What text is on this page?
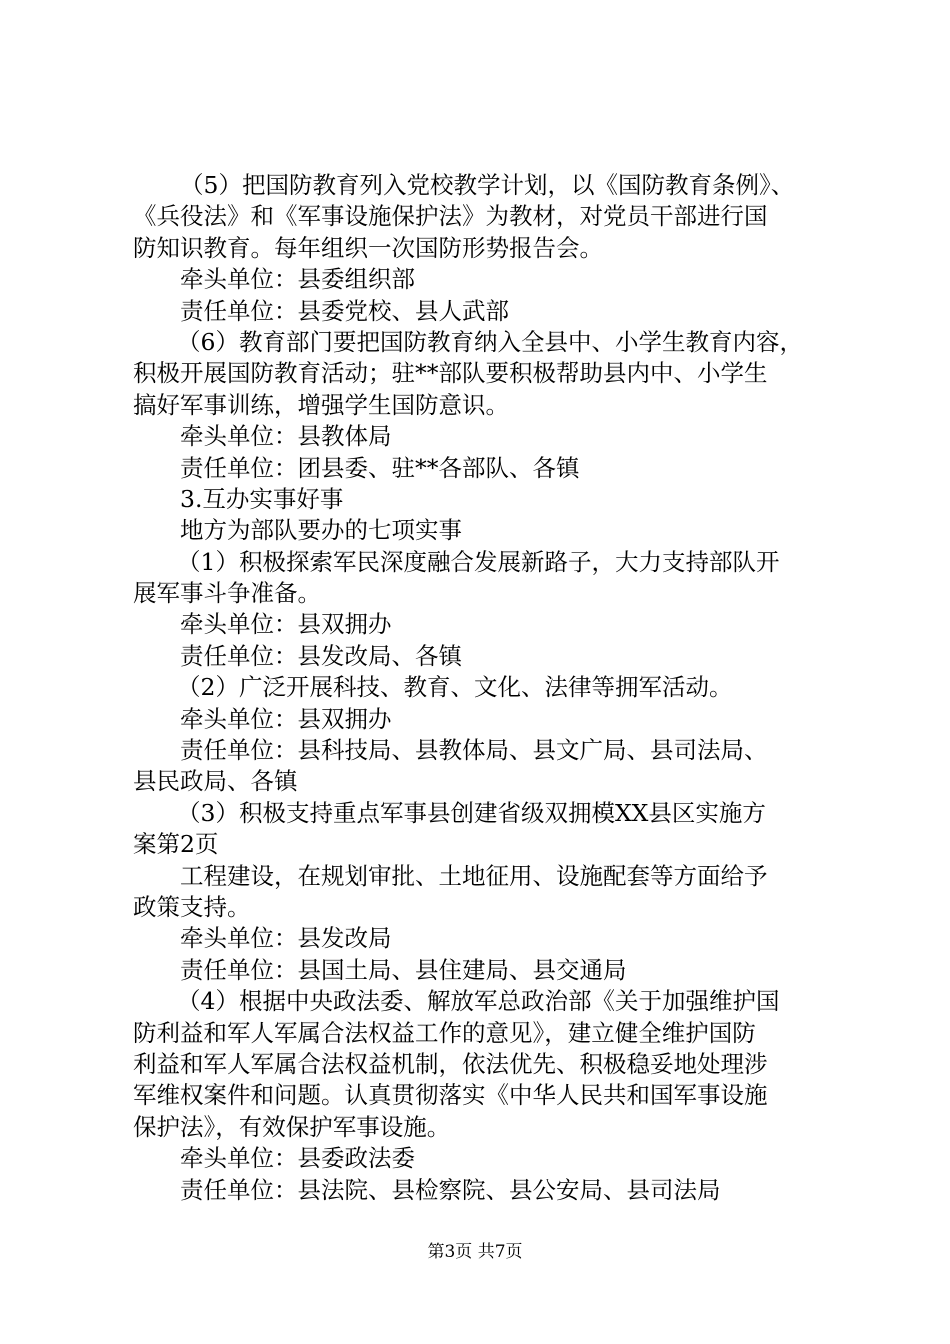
（5）把国防教育列入党校教学计划，以《国防教育条例》、
《兵役法》和《军事设施保护法》为教材，对党员干部进行国
防知识教育。每年组织一次国防形势报告会。
牵头单位：县委组织部
责任单位：县委党校、县人武部
（6）教育部门要把国防教育纳入全县中、小学生教育内容，
积极开展国防教育活动；驻**部队要积极帮助县内中、小学生
搞好军事训练，增强学生国防意识。
牵头单位：县教体局
责任单位：团县委、驻**各部队、各镇
3.互办实事好事
地方为部队要办的七项实事
（1）积极探索军民深度融合发展新路子，大力支持部队开
展军事斗争准备。
牵头单位：县双拥办
责任单位：县发改局、各镇
（2）广泛开展科技、教育、文化、法律等拥军活动。
牵头单位：县双拥办
责任单位：县科技局、县教体局、县文广局、县司法局、
县民政局、各镇
（3）积极支持重点军事县创建省级双拥模XX县区实施方
案第2页
工程建设，在规划审批、土地征用、设施配套等方面给予
政策支持。
牵头单位：县发改局
责任单位：县国土局、县住建局、县交通局
（4）根据中央政法委、解放军总政治部《关于加强维护国
防利益和军人军属合法权益工作的意见》，建立健全维护国防
利益和军人军属合法权益机制，依法优先、积极稳妥地处理涉
军维权案件和问题。认真贯彻落实《中华人民共和国军事设施
保护法》，有效保护军事设施。
牵头单位：县委政法委
责任单位：县法院、县检察院、县公安局、县司法局
第3页 共7页
